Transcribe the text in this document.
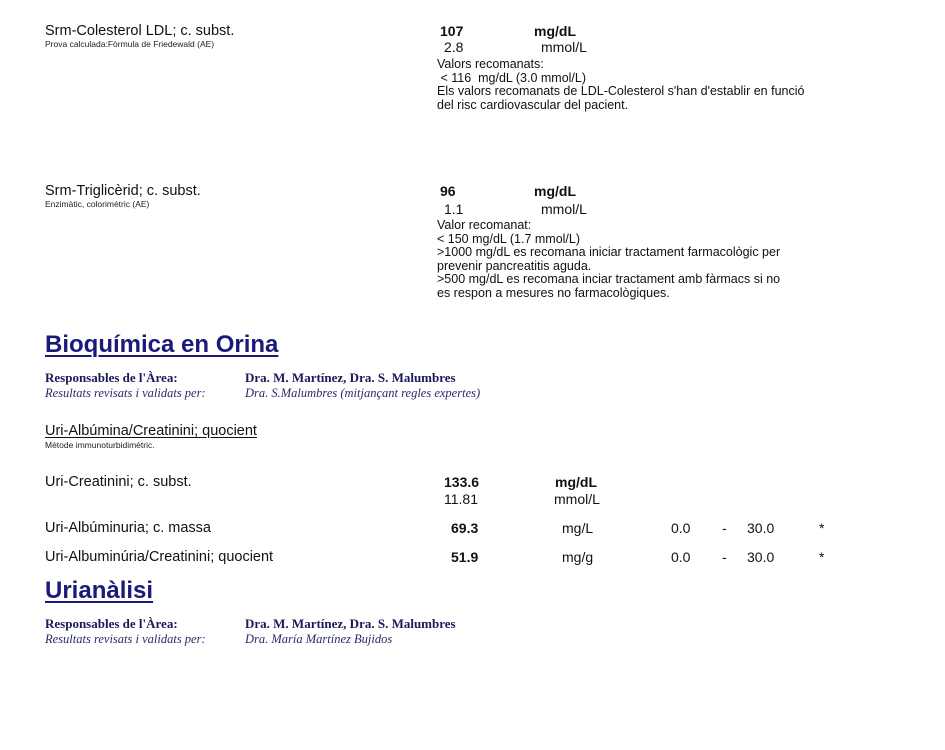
Srm-Colesterol LDL; c. subst.
Prova calculada:Fòrmula de Friedewald (AE)
107	mg/dL
2.8	mmol/L
Valors recomanats:
< 116  mg/dL (3.0 mmol/L)
Els valors recomanats de LDL-Colesterol s'han d'establir en funció
del risc cardiovascular del pacient.
Srm-Triglicèrid; c. subst.
Enzimàtic, colorimètric (AE)
96	mg/dL
1.1	mmol/L
Valor recomanat:
< 150 mg/dL (1.7 mmol/L)
>1000 mg/dL es recomana iniciar tractament farmacològic per
prevenir pancreatitis aguda.
>500 mg/dL es recomana inciar tractament amb fàrmacs si no
es respon a mesures no farmacològiques.
Bioquímica en Orina
Responsables de l'Àrea:	Dra. M. Martínez, Dra. S. Malumbres
Resultats revisats i validats per:	Dra. S.Malumbres (mitjançant regles expertes)
Uri-Albúmina/Creatinini; quocient
Mètode immunoturbidimètric.
Uri-Creatinini; c. subst.	133.6	mg/dL
11.81	mmol/L
Uri-Albúminuria; c. massa	69.3	mg/L	0.0 - 30.0	*
Uri-Albuminúria/Creatinini; quocient	51.9	mg/g	0.0 - 30.0	*
Urianàlisi
Responsables de l'Àrea:	Dra. M. Martínez, Dra. S. Malumbres
Resultats revisats i validats per:	Dra. María Martínez Bujidos
